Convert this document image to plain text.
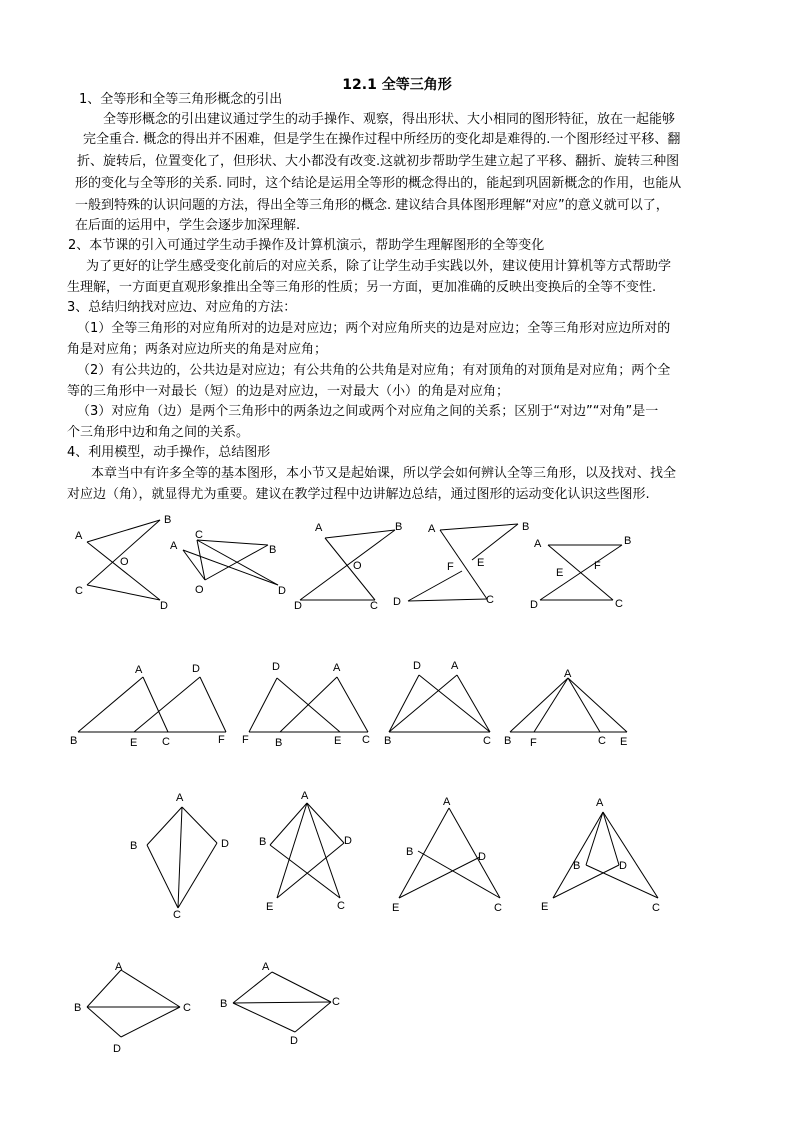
12.1 全等三角形
1、全等形和全等三角形概念的引出
全等形概念的引出建议通过学生的动手操作、观察，得出形状、大小相同的图形特征，放在一起能够
完全重合. 概念的得出并不困难，但是学生在操作过程中所经历的变化却是难得的.一个图形经过平移、翻
折、旋转后，位置变化了，但形状、大小都没有改变.这就初步帮助学生建立起了平移、翻折、旋转三种图
形的变化与全等形的关系. 同时，这个结论是运用全等形的概念得出的，能起到巩固新概念的作用，也能从
一般到特殊的认识问题的方法，得出全等三角形的概念. 建议结合具体图形理解“对应”的意义就可以了，
在后面的运用中，学生会逐步加深理解.
2、本节课的引入可通过学生动手操作及计算机演示，帮助学生理解图形的全等变化
为了更好的让学生感受变化前后的对应关系，除了让学生动手实践以外，建议使用计算机等方式帮助学
生理解，一方面更直观形象推出全等三角形的性质；另一方面，更加准确的反映出变换后的全等不变性.
3、总结归纳找对应边、对应角的方法：
（1）全等三角形的对应角所对的边是对应边；两个对应角所夹的边是对应边；全等三角形对应边所对的
角是对应角；两条对应边所夹的角是对应角；
（2）有公共边的，公共边是对应边；有公共角的公共角是对应角；有对顶角的对顶角是对应角；两个全
等的三角形中一对最长（短）的边是对应边，一对最大（小）的角是对应角；
（3）对应角（边）是两个三角形中的两条边之间或两个对应角之间的关系；区别于“对边”“对角”是一
个三角形中边和角之间的关系。
4、利用模型，动手操作，总结图形
本章当中有许多全等的基本图形，本小节又是起始课，所以学会如何辨认全等三角形，以及找对、找全
对应边（角），就显得尤为重要。建议在教学过程中边讲解边总结，通过图形的运动变化认识这些图形.
A
B
C
D
O
A	B
C
D
O
A	B
C
D
O
A	B
C
D
E
F
A	B
C
D
E
F
A
B	C
D
E	F
A
B	C
D
E
F
A
B	C
D
A
B	C E
F
A
B
C
D
A
B
C
D
E
A
B
C
D
E
A
B
C
D
E
A
B	C
D
A
B	C
D
